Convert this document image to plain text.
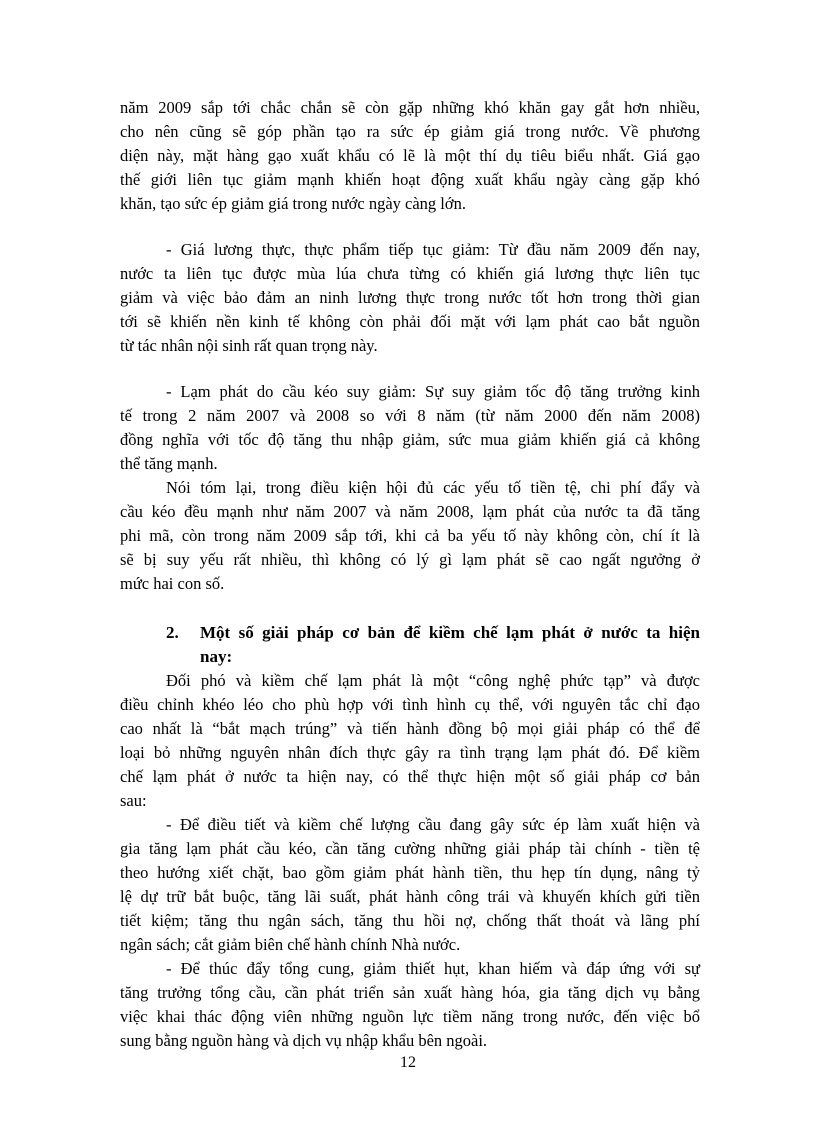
năm 2009 sắp tới chắc chắn sẽ còn gặp những khó khăn gay gắt hơn nhiều,
cho nên cũng sẽ góp phần tạo ra sức ép giảm giá trong nước. Về phương
diện này, mặt hàng gạo xuất khẩu có lẽ là một thí dụ tiêu biểu nhất. Giá gạo
thế giới liên tục giảm mạnh khiến hoạt động xuất khẩu ngày càng gặp khó
khăn, tạo sức ép giảm giá trong nước ngày càng lớn.
- Giá lương thực, thực phẩm tiếp tục giảm: Từ đầu năm 2009 đến nay,
nước ta liên tục được mùa lúa chưa từng có khiến giá lương thực liên tục
giảm và việc bảo đảm an ninh lương thực trong nước tốt hơn trong thời gian
tới sẽ khiến nền kinh tế không còn phải đối mặt với lạm phát cao bắt nguồn
từ tác nhân nội sinh rất quan trọng này.
- Lạm phát do cầu kéo suy giảm: Sự suy giảm tốc độ tăng trưởng kinh
tế trong 2 năm 2007 và 2008 so với 8 năm (từ năm 2000 đến năm 2008)
đồng nghĩa với tốc độ tăng thu nhập giảm, sức mua giảm khiến giá cả không
thể tăng mạnh.
Nói tóm lại, trong điều kiện hội đủ các yếu tố tiền tệ, chi phí đẩy và
cầu kéo đều mạnh như năm 2007 và năm 2008, lạm phát của nước ta đã tăng
phi mã, còn trong năm 2009 sắp tới, khi cả ba yếu tố này không còn, chí ít là
sẽ bị suy yếu rất nhiều, thì không có lý gì lạm phát sẽ cao ngất ngưởng ở
mức hai con số.
2. Một số giải pháp cơ bản để kiềm chế lạm phát ở nước ta hiện
nay:
Đối phó và kiềm chế lạm phát là một “công nghệ phức tạp” và được
điều chỉnh khéo léo cho phù hợp với tình hình cụ thể, với nguyên tắc chỉ đạo
cao nhất là “bắt mạch trúng” và tiến hành đồng bộ mọi giải pháp có thể để
loại bỏ những nguyên nhân đích thực gây ra tình trạng lạm phát đó. Để kiềm
chế lạm phát ở nước ta hiện nay, có thể thực hiện một số giải pháp cơ bản
sau:
- Để điều tiết và kiềm chế lượng cầu đang gây sức ép làm xuất hiện và
gia tăng lạm phát cầu kéo, cần tăng cường những giải pháp tài chính - tiền tệ
theo hướng xiết chặt, bao gồm giảm phát hành tiền, thu hẹp tín dụng, nâng tỷ
lệ dự trữ bắt buộc, tăng lãi suất, phát hành công trái và khuyến khích gửi tiền
tiết kiệm; tăng thu ngân sách, tăng thu hồi nợ, chống thất thoát và lãng phí
ngân sách; cắt giảm biên chế hành chính Nhà nước.
- Để thúc đẩy tổng cung, giảm thiết hụt, khan hiếm và đáp ứng với sự
tăng trưởng tổng cầu, cần phát triển sản xuất hàng hóa, gia tăng dịch vụ bằng
việc khai thác động viên những nguồn lực tiềm năng trong nước, đến việc bổ
sung bằng nguồn hàng và dịch vụ nhập khẩu bên ngoài.
12
